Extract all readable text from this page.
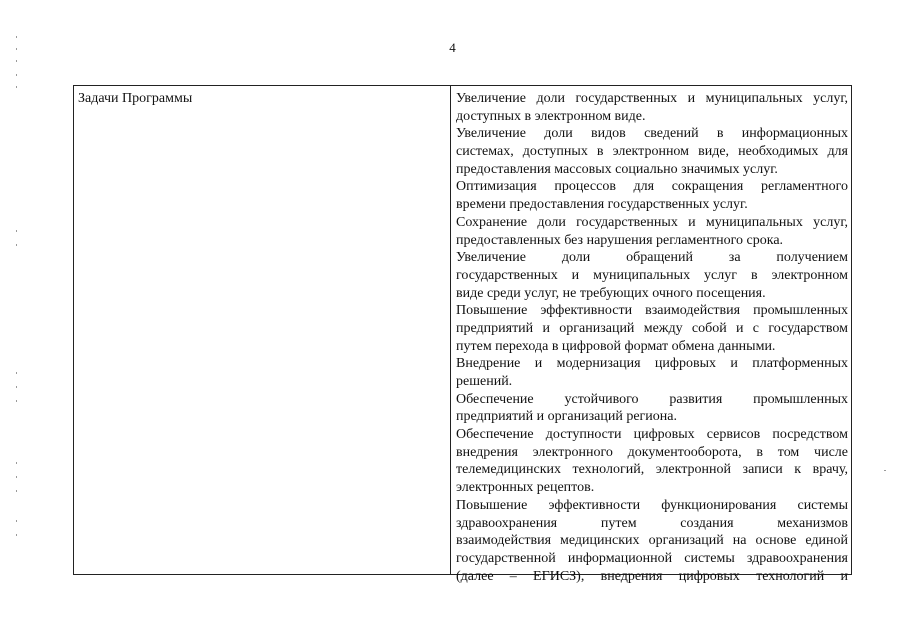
4
Задачи Программы	Увеличение доли государственных и муниципальных услуг,
доступных в электронном виде.
Увеличение доли видов сведений в информационных
системах, доступных в электронном виде, необходимых для
предоставления массовых социально значимых услуг.
Оптимизация процессов для сокращения регламентного
времени предоставления государственных услуг.
Сохранение доли государственных и муниципальных услуг,
предоставленных без нарушения регламентного срока.
Увеличение доли обращений за получением
государственных и муниципальных услуг в электронном
виде среди услуг, не требующих очного посещения.
Повышение эффективности взаимодействия промышленных
предприятий и организаций между собой и с государством
путем перехода в цифровой формат обмена данными.
Внедрение и модернизация цифровых и платформенных
решений.
Обеспечение устойчивого развития промышленных
предприятий и организаций региона.
Обеспечение доступности цифровых сервисов посредством
внедрения электронного документооборота, в том числе
телемедицинских технологий, электронной записи к врачу,
электронных рецептов.
Повышение эффективности функционирования системы
здравоохранения путем создания механизмов
взаимодействия медицинских организаций на основе единой
государственной информационной системы здравоохранения
(далее – ЕГИСЗ), внедрения цифровых технологий и
